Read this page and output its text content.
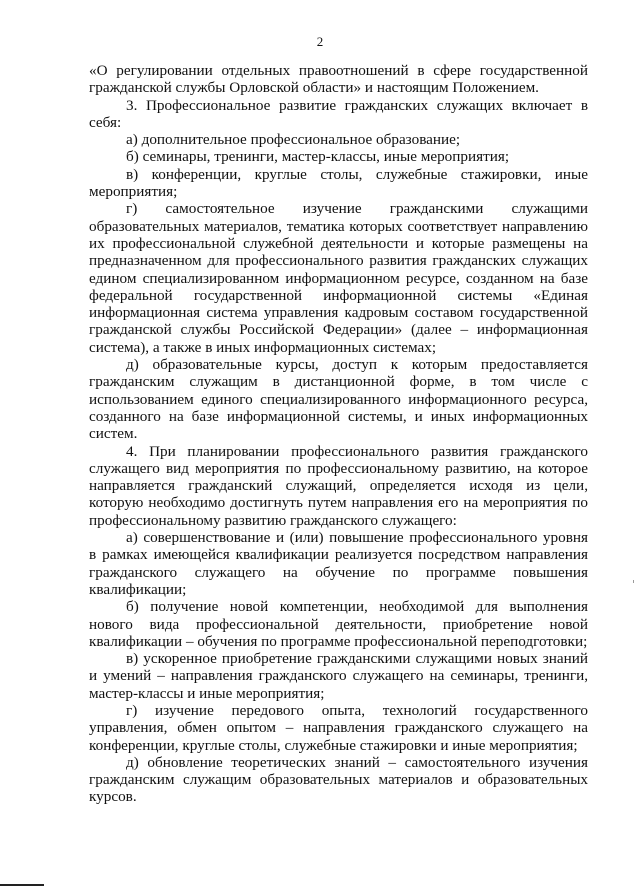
2

«О регулировании отдельных правоотношений в сфере государственной гражданской службы Орловской области» и настоящим Положением.

3. Профессиональное развитие гражданских служащих включает в себя:

а) дополнительное профессиональное образование;

б) семинары, тренинги, мастер-классы, иные мероприятия;

в) конференции, круглые столы, служебные стажировки, иные мероприятия;

г) самостоятельное изучение гражданскими служащими образовательных материалов, тематика которых соответствует направлению их профессиональной служебной деятельности и которые размещены на предназначенном для профессионального развития гражданских служащих едином специализированном информационном ресурсе, созданном на базе федеральной государственной информационной системы «Единая информационная система управления кадровым составом государственной гражданской службы Российской Федерации» (далее – информационная система), а также в иных информационных системах;

д) образовательные курсы, доступ к которым предоставляется гражданским служащим в дистанционной форме, в том числе с использованием единого специализированного информационного ресурса, созданного на базе информационной системы, и иных информационных систем.

4. При планировании профессионального развития гражданского служащего вид мероприятия по профессиональному развитию, на которое направляется гражданский служащий, определяется исходя из цели, которую необходимо достигнуть путем направления его на мероприятия по профессиональному развитию гражданского служащего:

а) совершенствование и (или) повышение профессионального уровня в рамках имеющейся квалификации реализуется посредством направления гражданского служащего на обучение по программе повышения квалификации;

б) получение новой компетенции, необходимой для выполнения нового вида профессиональной деятельности, приобретение новой квалификации – обучения по программе профессиональной переподготовки;

в) ускоренное приобретение гражданскими служащими новых знаний и умений – направления гражданского служащего на семинары, тренинги, мастер-классы и иные мероприятия;

г) изучение передового опыта, технологий государственного управления, обмен опытом – направления гражданского служащего на конференции, круглые столы, служебные стажировки и иные мероприятия;

д) обновление теоретических знаний – самостоятельного изучения гражданским служащим образовательных материалов и образовательных курсов.
